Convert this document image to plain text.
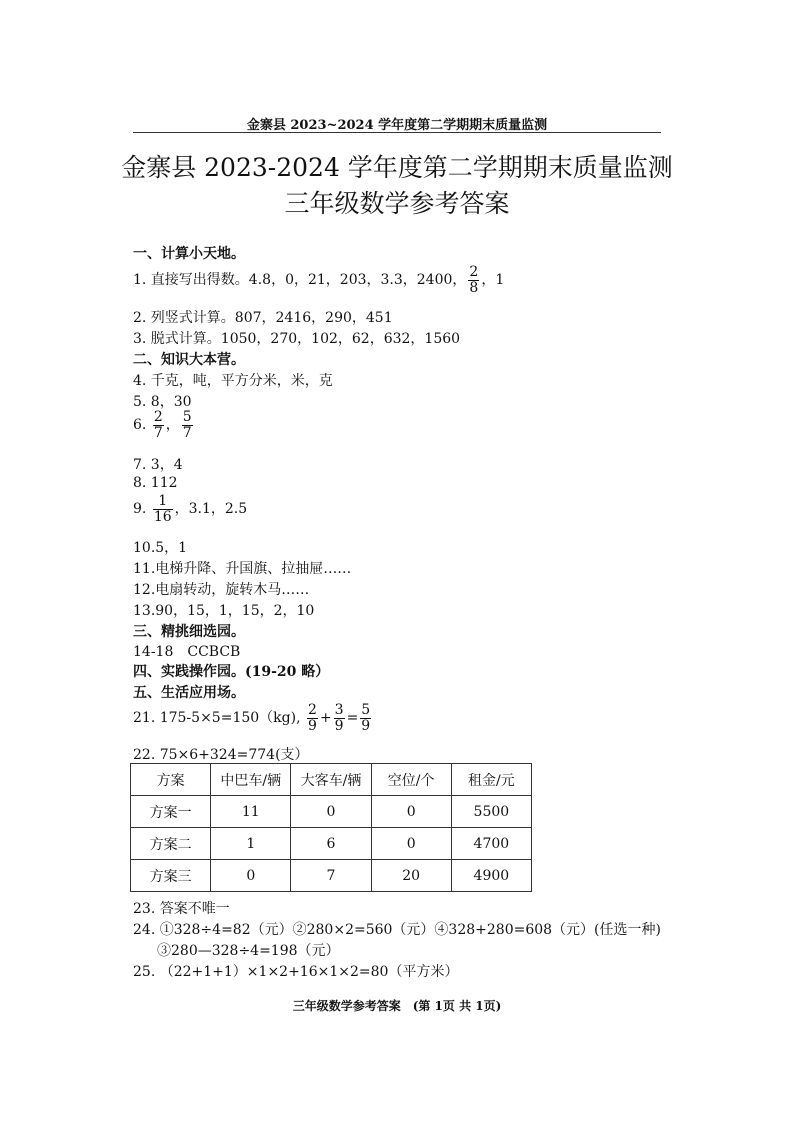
金寨县 2023~2024 学年度第二学期期末质量监测
金寨县 2023-2024 学年度第二学期期末质量监测
三年级数学参考答案
一、计算小天地。
1. 直接写出得数。4.8，0，21，203，3.3，2400， $\frac{2}{8}$ ，1
2. 列竖式计算。807，2416，290，451
3. 脱式计算。1050，270，102，62，632，1560
二、知识大本营。
4. 千克，吨，平方分米，米，克
5. 8，30
6. $\frac{2}{7}$ ， $\frac{5}{7}$
7. 3，4
8. 112
9. $\frac{1}{16}$ ，3.1，2.5
10.5，1
11.电梯升降、升国旗、拉抽屉……
12.电扇转动，旋转木马……
13.90，15，1，15，2，10
三、精挑细选园。
14-18　CCBCB
四、实践操作园。(19-20 略）
五、生活应用场。
21. 175-5×5=150（kg), $\frac{2}{9} + \frac{3}{9} = \frac{5}{9}$
22. 75×6+324=774(支）
方案	中巴车/辆	大客车/辆	空位/个	租金/元
方案一	11	0	0	5500
方案二	1	6	0	4700
方案三	0	7	20	4900
23. 答案不唯一
24. ①328÷4=82（元）②280×2=560（元）④328+280=608（元）(任选一种)
③280—328÷4=198（元）
25. （22+1+1）×1×2+16×1×2=80（平方米）
三年级数学参考答案　(第 1页 共 1页)
